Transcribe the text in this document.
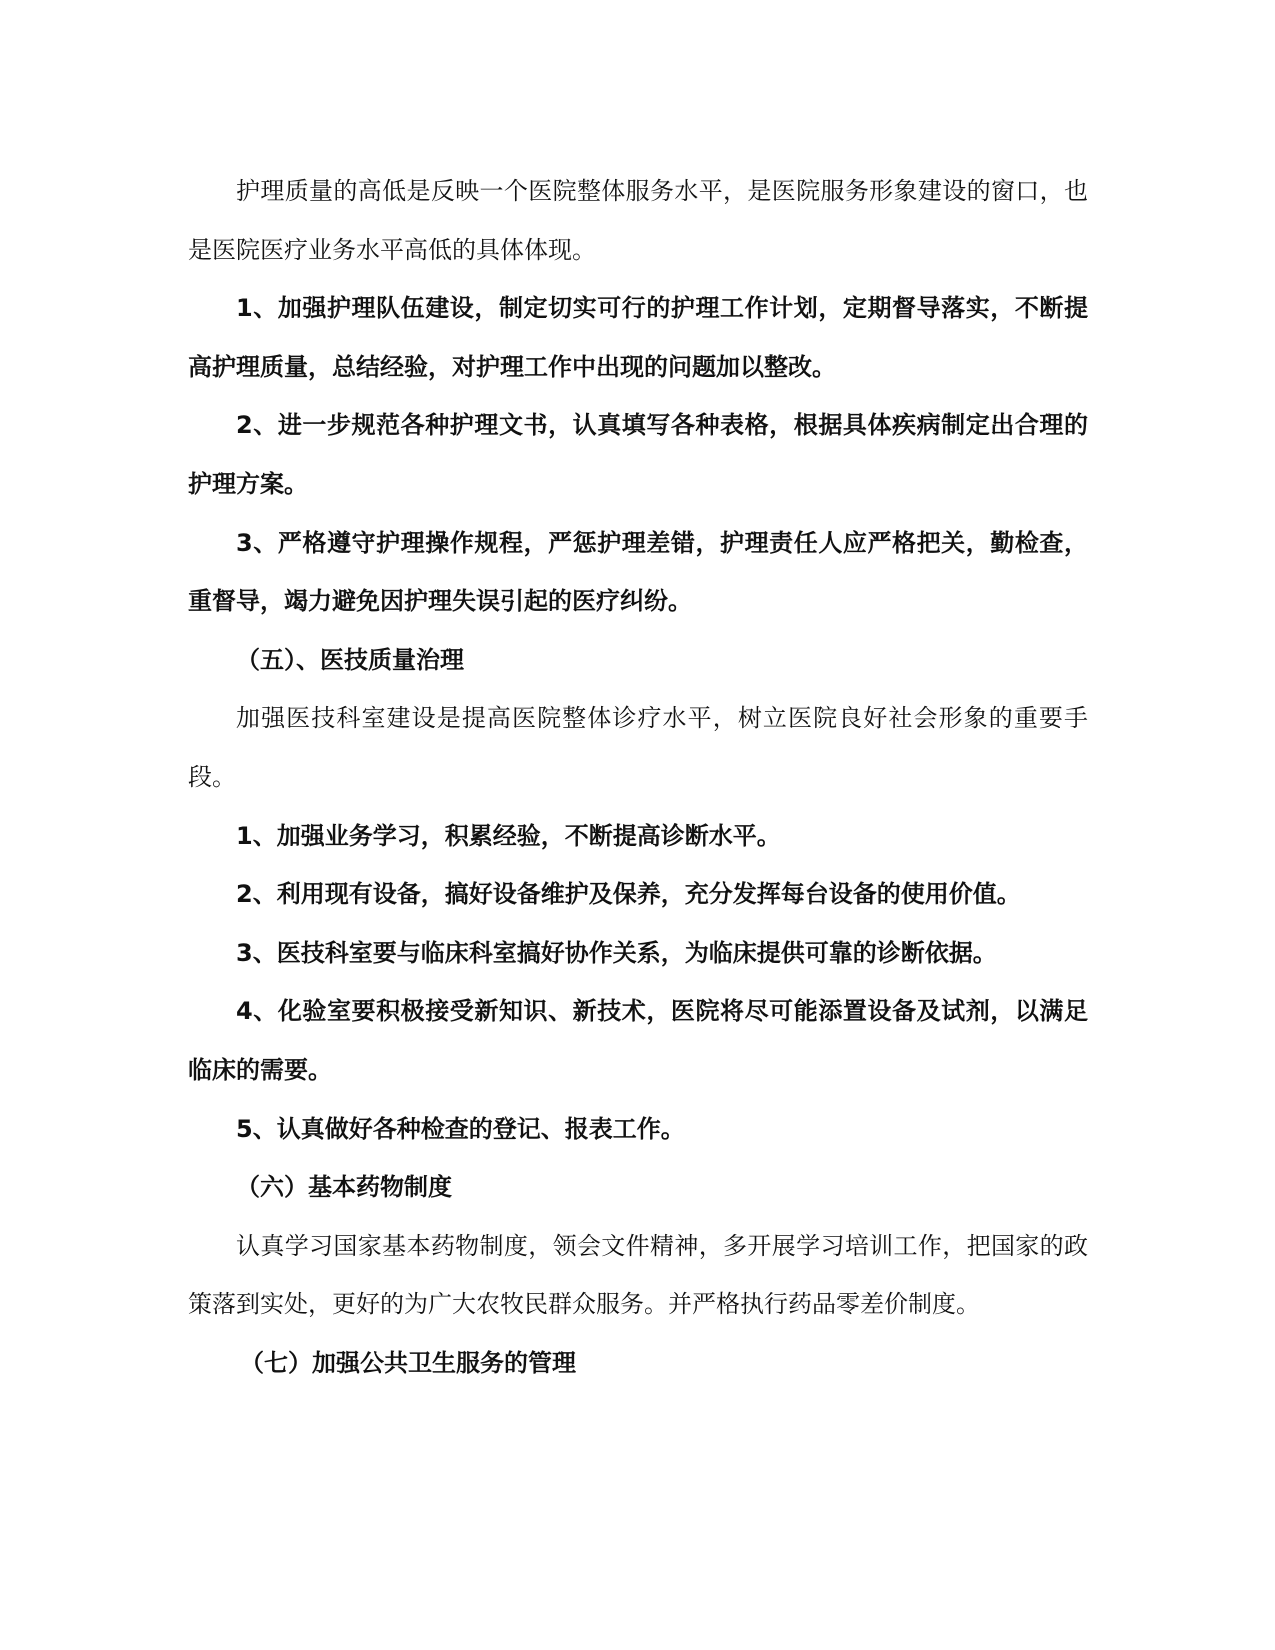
护理质量的高低是反映一个医院整体服务水平，是医院服务形象建设的窗口，也是医院医疗业务水平高低的具体体现。

1、加强护理队伍建设，制定切实可行的护理工作计划，定期督导落实，不断提高护理质量，总结经验，对护理工作中出现的问题加以整改。

2、进一步规范各种护理文书，认真填写各种表格，根据具体疾病制定出合理的护理方案。

3、严格遵守护理操作规程，严惩护理差错，护理责任人应严格把关，勤检查，重督导，竭力避免因护理失误引起的医疗纠纷。

（五）、医技质量治理

加强医技科室建设是提高医院整体诊疗水平，树立医院良好社会形象的重要手段。

1、加强业务学习，积累经验，不断提高诊断水平。

2、利用现有设备，搞好设备维护及保养，充分发挥每台设备的使用价值。

3、医技科室要与临床科室搞好协作关系，为临床提供可靠的诊断依据。

4、化验室要积极接受新知识、新技术，医院将尽可能添置设备及试剂，以满足临床的需要。

5、认真做好各种检查的登记、报表工作。

（六）基本药物制度

认真学习国家基本药物制度，领会文件精神，多开展学习培训工作，把国家的政策落到实处，更好的为广大农牧民群众服务。并严格执行药品零差价制度。

（七）加强公共卫生服务的管理
